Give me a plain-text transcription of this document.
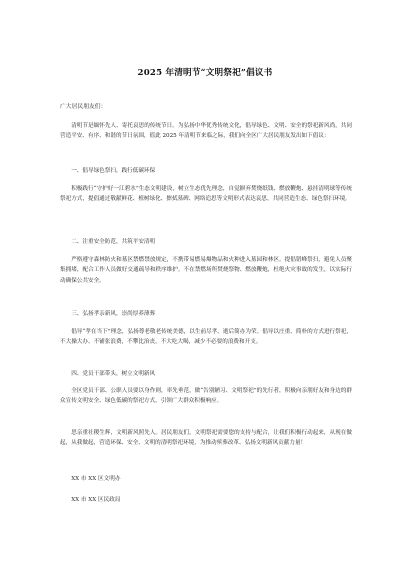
2025 年清明节“文明祭祀”倡议书

广大居民朋友们：

清明节是缅怀先人、寄托哀思的传统节日。为弘扬中华优秀传统文化，倡导绿色、文明、安全的祭祀新风尚，共同营造平安、有序、和谐的节日氛围，值此 2025 年清明节来临之际，我们向全区广大居民朋友发出如下倡议：

一、倡导绿色祭扫，践行低碳环保

积极践行“守护好一江碧水”生态文明建设，树立生态优先理念，自觉摒弃焚烧纸钱、燃放鞭炮、悬挂清明球等传统祭祀方式，提倡通过敬献鲜花、植树绿化、擦拭墓碑、网络追思等文明形式表达哀思，共同营造生态、绿色祭扫环境。

二、注重安全防范，共筑平安清明

严格遵守森林防火和墓区禁燃禁放规定，不携带易燃易爆物品和火种进入墓园和林区。提倡错峰祭扫，避免人员聚集拥堵，配合工作人员做好交通疏导和秩序维护。不在禁燃场所焚烧祭物、燃放鞭炮，杜绝火灾事故的发生，以实际行动确保公共安全。

三、弘扬孝亲新风，崇尚厚养薄葬

倡导“孝在当下”理念，弘扬尊老敬老传统美德，以生前尽孝、逝后简办为荣。倡导以庄重、简朴的方式进行祭祀，不大操大办、不铺张浪费，不攀比治丧，不大吃大喝，减少不必要的浪费和开支。

四、党员干部带头，树立文明新风

全区党员干部、公职人员要以身作则，率先垂范，做“告别陋习、文明祭祀”的先行者，积极向亲朋好友和身边的群众宣传文明安全、绿色低碳的祭祀方式，引领广大群众积极响应。

思亲重社稷生辉，文明新风照先人。居民朋友们，文明祭祀需要您的支持与配合，让我们积极行动起来，从现在做起，从我做起，营造环保、安全、文明的清明祭祀环境，为推动殡葬改革、弘扬文明新风贡献力量！

XX 市 XX 区文明办

XX 市 XX 区民政局
